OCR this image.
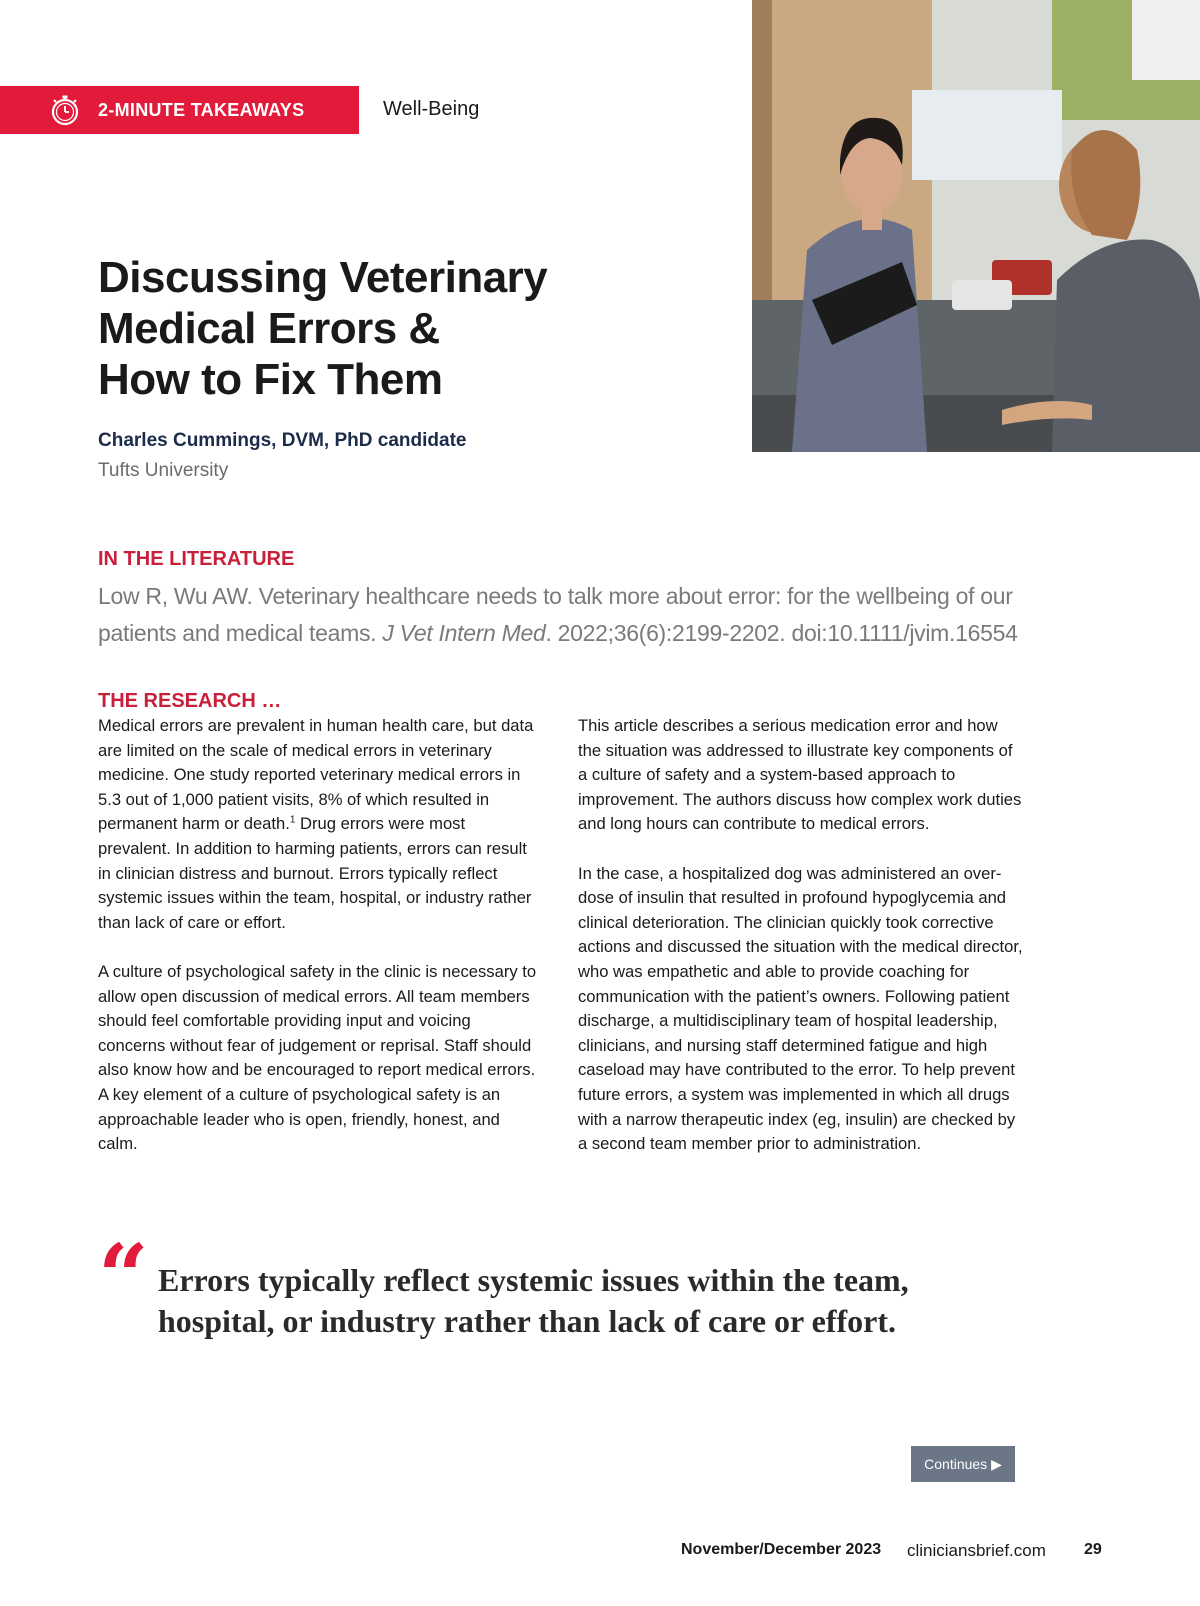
2-MINUTE TAKEAWAYS	Well-Being
Discussing Veterinary
Medical Errors &
How to Fix Them
Charles Cummings, DVM, PhD candidate
Tufts University
IN THE LITERATURE
Low R, Wu AW. Veterinary healthcare needs to talk more about error: for the wellbeing of our patients and medical teams. J Vet Intern Med. 2022;36(6):2199-2202. doi:10.1111/jvim.16554
THE RESEARCH …

Medical errors are prevalent in human health care, but data are limited on the scale of medical errors in veterinary medicine. One study reported veterinary medical errors in 5.3 out of 1,000 patient visits, 8% of which resulted in permanent harm or death.$^1$ Drug errors were most prevalent. In addition to harming patients, errors can result in clinician distress and burnout. Errors typically reflect systemic issues within the team, hospital, or industry rather than lack of care or effort.

A culture of psychological safety in the clinic is necessary to allow open discussion of medical errors. All team members should feel comfortable providing input and voicing concerns without fear of judgement or reprisal. Staff should also know how and be encouraged to report medical errors. A key element of a culture of psychological safety is an approachable leader who is open, friendly, honest, and calm.

This article describes a serious medication error and how the situation was addressed to illustrate key components of a culture of safety and a system-based approach to improvement. The authors discuss how complex work duties and long hours can contribute to medical errors.

In the case, a hospitalized dog was administered an overdose of insulin that resulted in profound hypoglycemia and clinical deterioration. The clinician quickly took corrective actions and discussed the situation with the medical director, who was empathetic and able to provide coaching for communication with the patient’s owners. Following patient discharge, a multidisciplinary team of hospital leadership, clinicians, and nursing staff determined fatigue and high caseload may have contributed to the error. To help prevent future errors, a system was implemented in which all drugs with a narrow therapeutic index (eg, insulin) are checked by a second team member prior to administration.

“ Errors typically reflect systemic issues within the team, hospital, or industry rather than lack of care or effort.

Continues ▶
November/December 2023 cliniciansbrief.com 29
